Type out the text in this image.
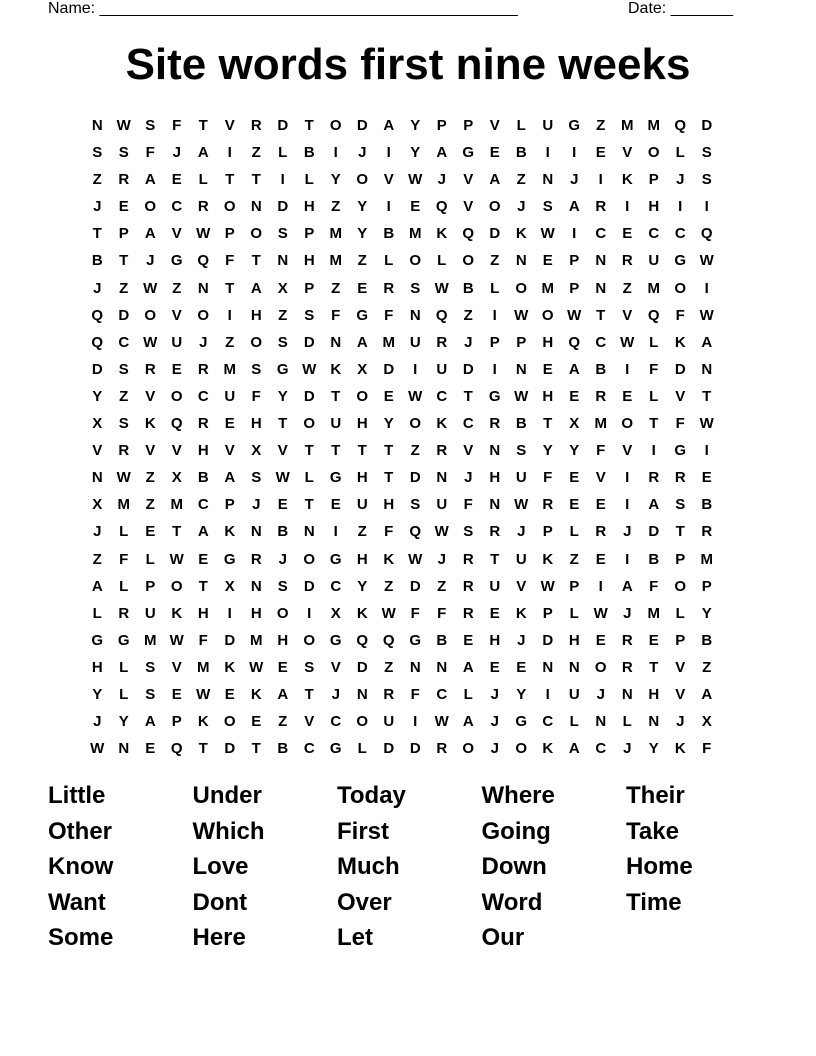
Name: _______________________________________________	Date: _______
Site words first nine weeks
N W S	F	T	V	R	D	T	O	D	A	Y	P	P	V	L	U	G	Z	M M Q	D
S	S	F	J	A	I	Z	L	B	I	J	I	Y	A	G	E	B	I	I	E	V	O	L	S
Z	R	A	E	L	T	T	I	L	Y	O	V W	J	V	A	Z	N	J	I	K	P	J	S
J	E	O	C	R	O	N	D	H	Z	Y	I	E	Q	V	O	J	S	A	R	I	H	I	I
T	P	A	V W P	O	S	P	M	Y	B M K	Q	D	K W	I	C	E	C	C	Q
B	T	J	G Q	F	T	N	H M	Z	L	O	L	O	Z	N	E	P	N	R	U	G W
J	Z W Z	N	T	A	X	P	Z	E	R	S W B	L	O M	P	N	Z	M O	I
Q	D	O	V	O	I	H	Z	S	F	G	F	N	Q	Z	I	W O W T	V	Q	F W
Q	C W U	J	Z	O	S	D	N	A M U	R	J	P	P	H	Q	C W L	K	A
D	S	R	E	R M	S	G W K	X	D	I	U	D	I	N	E	A	B	I	F	D	N
Y	Z	V	O	C	U	F	Y	D	T	O	E W C	T	G W H	E	R	E	L	V	T
X	S	K	Q	R	E	H	T	O	U	H	Y	O	K	C	R	B	T	X	M O	T	F W
V	R	V	V	H	V	X	V	T	T	T	T	Z	R	V	N	S	Y	Y	F	V	I	G	I
N W Z	X	B	A	S W L	G	H	T	D	N	J	H	U	F	E	V	I	R	R	E
X	M	Z	M C	P	J	E	T	E	U	H	S	U	F	N W R	E	E	I	A	S	B
J	L	E	T	A	K	N	B	N	I	Z	F	Q W S	R	J	P	L	R	J	D	T	R
Z	F	L W E	G	R	J	O G	H	K W	J	R	T	U	K	Z	E	I	B	P	M
A	L	P	O	T	X	N	S	D	C	Y	Z	D	Z	R	U	V W P	I	A	F	O	P
L	R	U	K	H	I	H	O	I	X	K W F	F	R	E	K	P	L W	J	M	L	Y
G G M W F	D M H	O G Q Q G	B	E	H	J	D	H	E	R	E	P	B
H	L	S	V	M K W E	S	V	D	Z	N	N	A	E	E	N	N	O	R	T	V	Z
Y	L	S	E W E	K	A	T	J	N	R	F	C	L	J	Y	I	U	J	N	H	V	A
J	Y	A	P	K	O	E	Z	V	C	O	U	I	W A	J	G	C	L	N	L	N	J	X
W N	E	Q	T	D	T	B	C	G	L	D	D	R	O	J	O	K	A	C	J	Y	K	F
Little	Under	Today	Where	Their
Other	Which	First	Going	Take
Know	Love	Much	Down	Home
Want	Dont	Over	Word	Time
Some	Here	Let	Our
